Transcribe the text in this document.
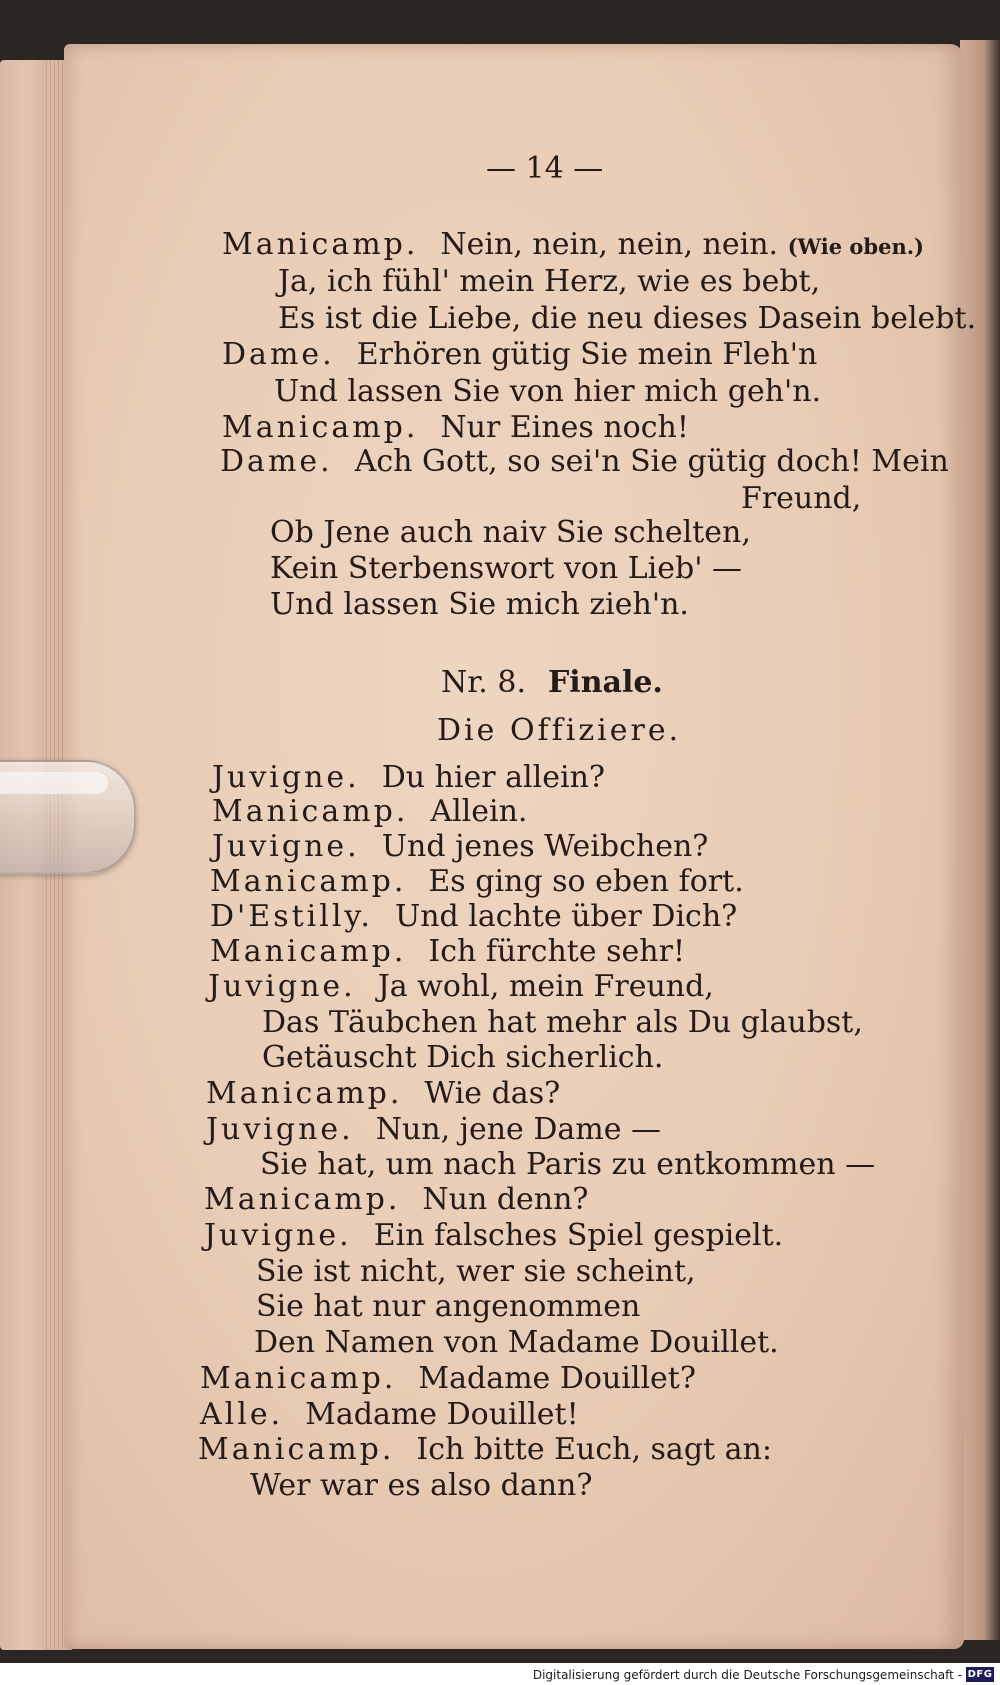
— 14 —
Manicamp. Nein, nein, nein, nein. (Wie oben.)
Ja, ich fühl' mein Herz, wie es bebt,
Es ist die Liebe, die neu dieses Dasein belebt.
Dame. Erhören gütig Sie mein Fleh'n
Und lassen Sie von hier mich geh'n.
Manicamp. Nur Eines noch!
Dame. Ach Gott, so sei'n Sie gütig doch! Mein
Freund,
Ob Jene auch naiv Sie schelten,
Kein Sterbenswort von Lieb' —
Und lassen Sie mich zieh'n.
Nr. 8. Finale.
Die Offiziere.
Juvigne. Du hier allein?
Manicamp. Allein.
Juvigne. Und jenes Weibchen?
Manicamp. Es ging so eben fort.
D'Estilly. Und lachte über Dich?
Manicamp. Ich fürchte sehr!
Juvigne. Ja wohl, mein Freund,
Das Täubchen hat mehr als Du glaubst,
Getäuscht Dich sicherlich.
Manicamp. Wie das?
Juvigne. Nun, jene Dame —
Sie hat, um nach Paris zu entkommen —
Manicamp. Nun denn?
Juvigne. Ein falsches Spiel gespielt.
Sie ist nicht, wer sie scheint,
Sie hat nur angenommen
Den Namen von Madame Douillet.
Manicamp. Madame Douillet?
Alle. Madame Douillet!
Manicamp. Ich bitte Euch, sagt an:
Wer war es also dann?
Digitalisierung gefördert durch die Deutsche Forschungsgemeinschaft - DFG
